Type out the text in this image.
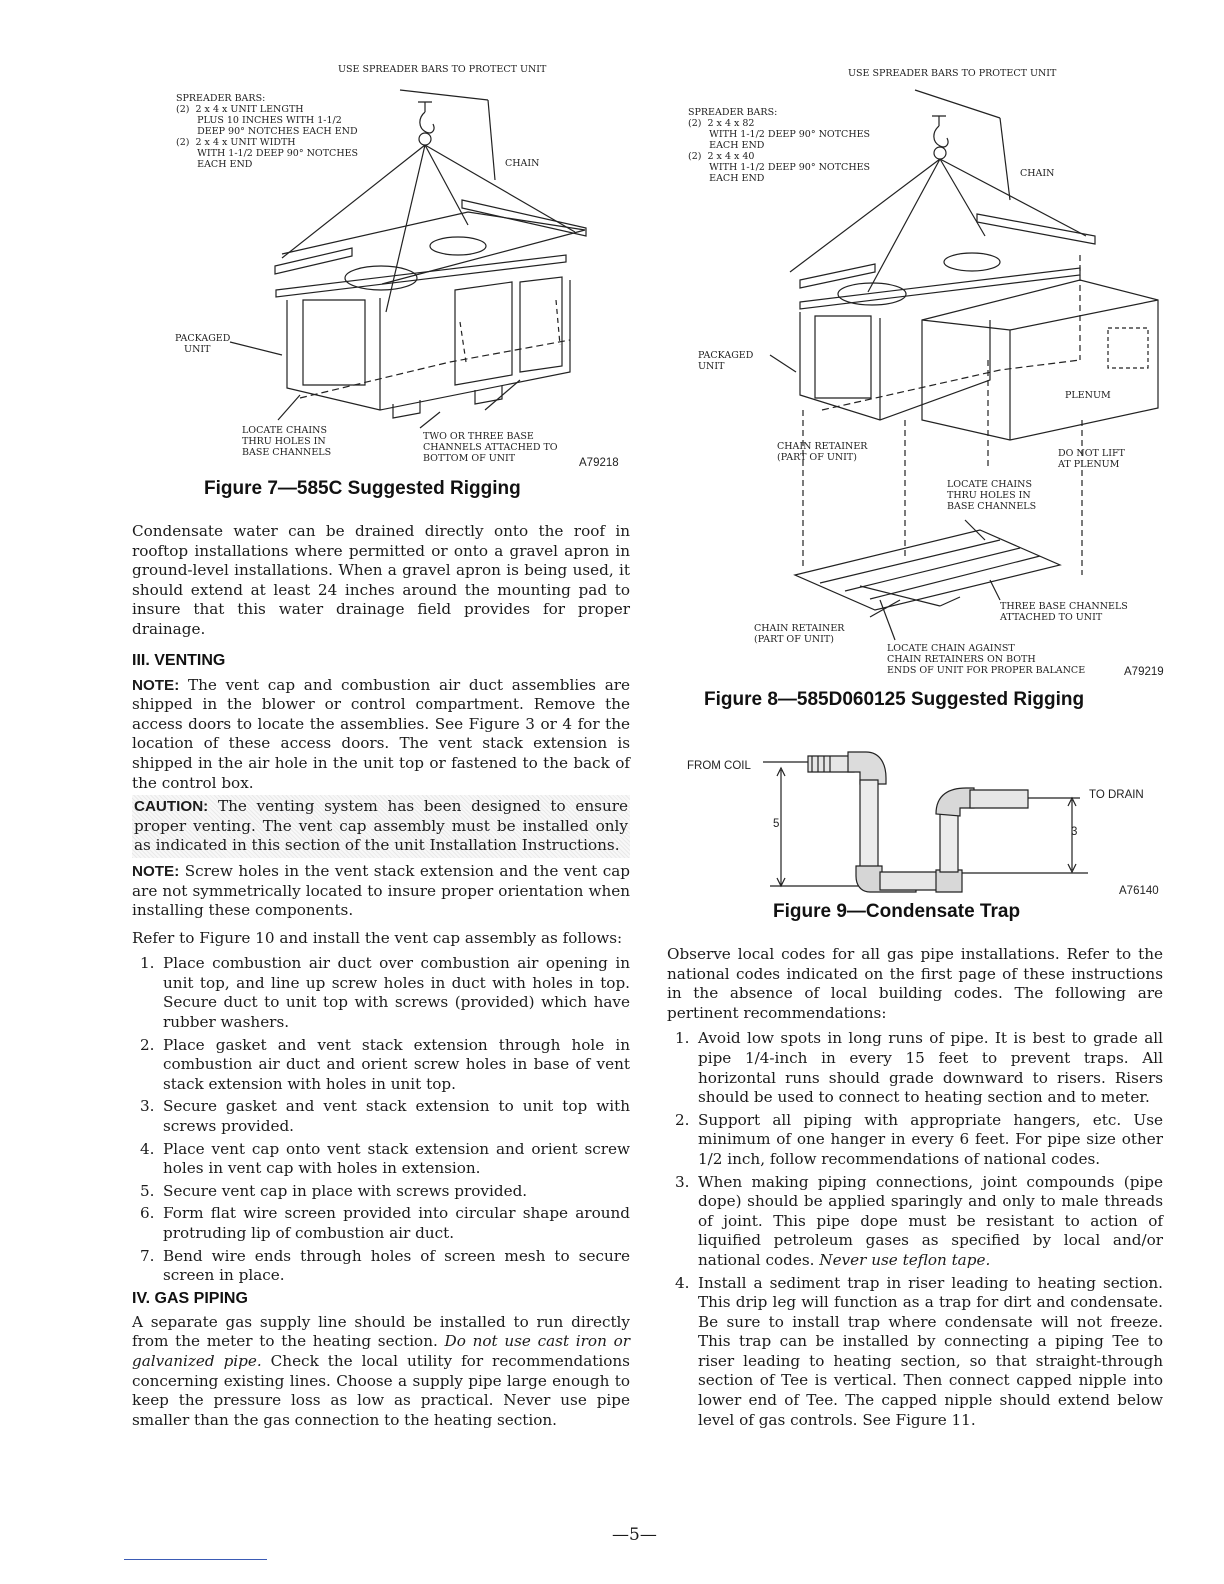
USE SPREADER BARS TO PROTECT UNIT
SPREADER BARS:
(2)  2 x 4 x UNIT LENGTH
PLUS 10 INCHES WITH 1-1/2
DEEP 90° NOTCHES EACH END
(2)  2 x 4 x UNIT WIDTH
WITH 1-1/2 DEEP 90° NOTCHES
EACH END	CHAIN
PACKAGED
UNIT
LOCATE CHAINS
THRU HOLES IN
BASE CHANNELS
TWO OR THREE BASE
CHANNELS ATTACHED TO
BOTTOM OF UNIT	A79218
Figure 7—585C Suggested Rigging
USE SPREADER BARS TO PROTECT UNIT
SPREADER BARS:
(2)  2 x 4 x 82
WITH 1-1/2 DEEP 90° NOTCHES
EACH END
(2)  2 x 4 x 40
WITH 1-1/2 DEEP 90° NOTCHES
EACH END	CHAIN
PACKAGED
UNIT
PLENUM
CHAIN RETAINER
(PART OF UNIT)	DO NOT LIFT
AT PLENUM
LOCATE CHAINS
THRU HOLES IN
BASE CHANNELS
THREE BASE CHANNELS
ATTACHED TO UNIT
CHAIN RETAINER
(PART OF UNIT)
LOCATE CHAIN AGAINST
CHAIN RETAINERS ON BOTH
ENDS OF UNIT FOR PROPER BALANCE	A79219
Figure 8—585D060125 Suggested Rigging
FROM COIL
TO DRAIN
5
3
A76140
Figure 9—Condensate Trap

Condensate water can be drained directly onto the roof in rooftop installations where permitted or onto a gravel apron in ground-level installations. When a gravel apron is being used, it should extend at least 24 inches around the mounting pad to insure that this water drainage field provides for proper drainage.

III. VENTING

NOTE: The vent cap and combustion air duct assemblies are shipped in the blower or control compartment. Remove the access doors to locate the assemblies. See Figure 3 or 4 for the location of these access doors. The vent stack extension is shipped in the air hole in the unit top or fastened to the back of the control box.

CAUTION: The venting system has been designed to ensure proper venting. The vent cap assembly must be installed only as indicated in this section of the unit Installation Instructions.

NOTE: Screw holes in the vent stack extension and the vent cap are not symmetrically located to insure proper orientation when installing these components.

Refer to Figure 10 and install the vent cap assembly as follows:

1. Place combustion air duct over combustion air opening in unit top, and line up screw holes in duct with holes in top. Secure duct to unit top with screws (provided) which have rubber washers.
2. Place gasket and vent stack extension through hole in combustion air duct and orient screw holes in base of vent stack extension with holes in unit top.
3. Secure gasket and vent stack extension to unit top with screws provided.
4. Place vent cap onto vent stack extension and orient screw holes in vent cap with holes in extension.
5. Secure vent cap in place with screws provided.
6. Form flat wire screen provided into circular shape around protruding lip of combustion air duct.
7. Bend wire ends through holes of screen mesh to secure screen in place.
IV. GAS PIPING

A separate gas supply line should be installed to run directly from the meter to the heating section. Do not use cast iron or galvanized pipe. Check the local utility for recommendations concerning existing lines. Choose a supply pipe large enough to keep the pressure loss as low as practical. Never use pipe smaller than the gas connection to the heating section.

Observe local codes for all gas pipe installations. Refer to the national codes indicated on the first page of these instructions in the absence of local building codes. The following are pertinent recommendations:

1. Avoid low spots in long runs of pipe. It is best to grade all pipe 1/4-inch in every 15 feet to prevent traps. All horizontal runs should grade downward to risers. Risers should be used to connect to heating section and to meter.
2. Support all piping with appropriate hangers, etc. Use minimum of one hanger in every 6 feet. For pipe size other 1/2 inch, follow recommendations of national codes.
3. When making piping connections, joint compounds (pipe dope) should be applied sparingly and only to male threads of joint. This pipe dope must be resistant to action of liquified petroleum gases as specified by local and/or national codes. Never use teflon tape.
4. Install a sediment trap in riser leading to heating section. This drip leg will function as a trap for dirt and condensate. Be sure to install trap where condensate will not freeze. This trap can be installed by connecting a piping Tee to riser leading to heating section, so that straight-through section of Tee is vertical. Then connect capped nipple into lower end of Tee. The capped nipple should extend below level of gas controls. See Figure 11.
—5—
